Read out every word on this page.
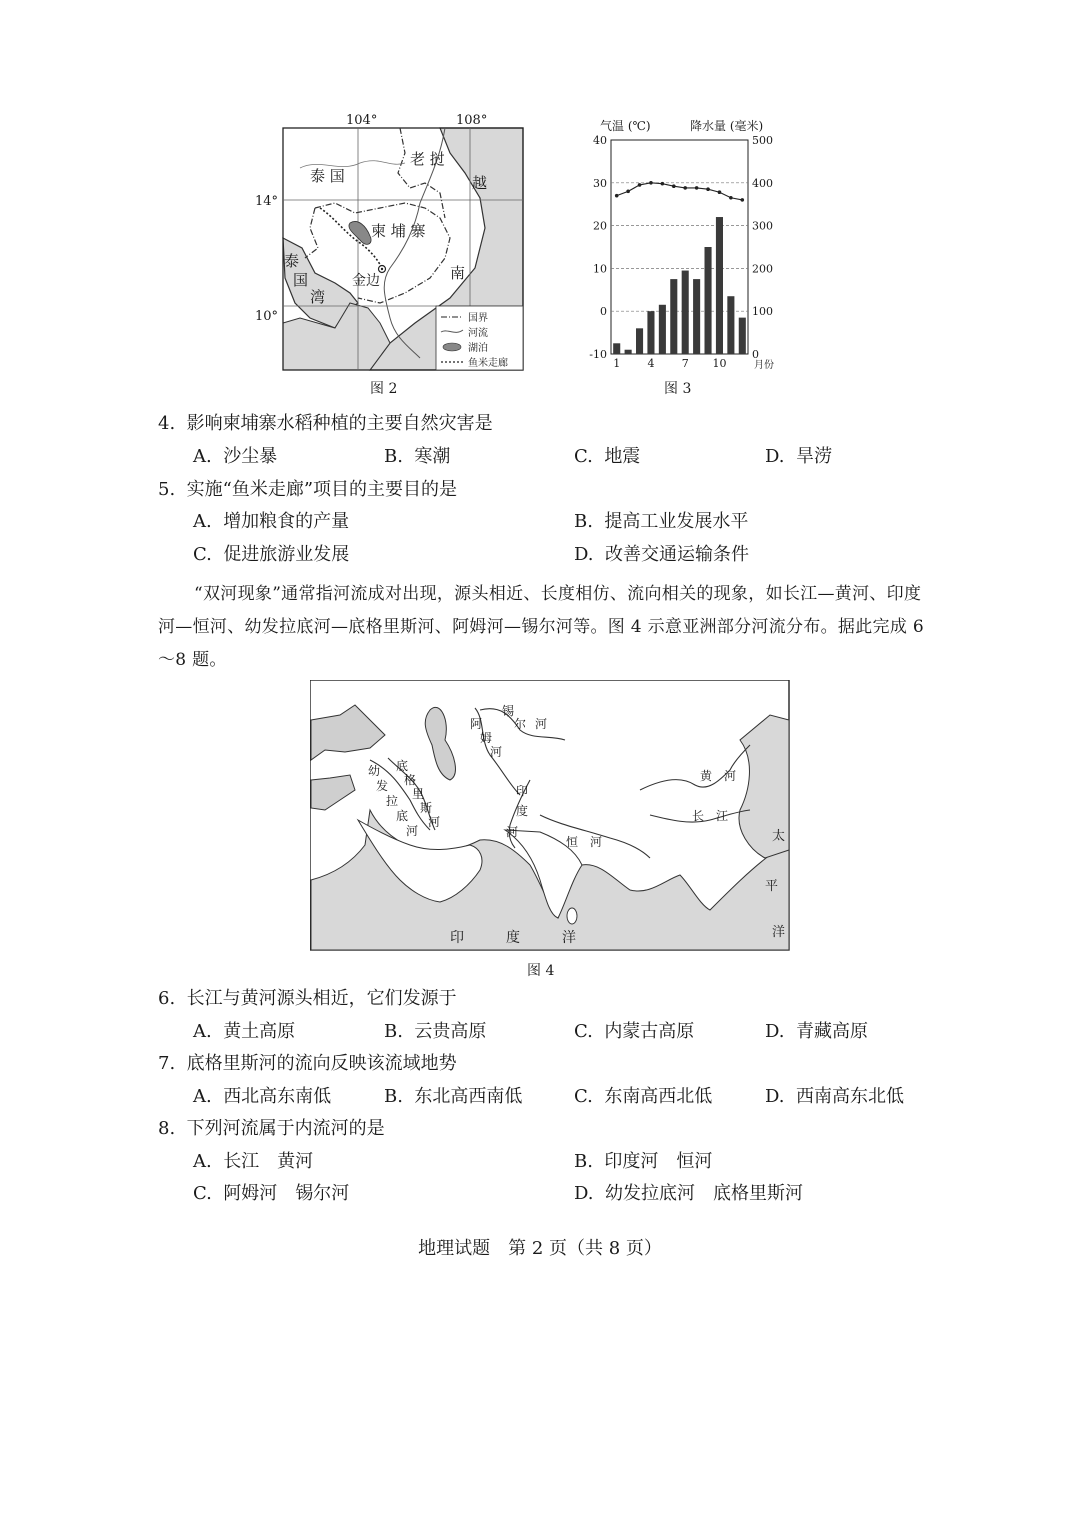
国界
河流
湖泊
鱼米走廊
104°	108°
14°
10°
泰 国
老 挝
越
南
柬 埔 寨
泰
国
湾
金边
图 2
气温 (℃)	降水量 (毫米)
-10
0
10
20
30
40
0
100
200
300
400
500
1 4 7 10	月份
图 3
4. 影响柬埔寨水稻种植的主要自然灾害是
A. 沙尘暴	B. 寒潮	C. 地震	D. 旱涝
5. 实施“鱼米走廊”项目的主要目的是
A. 增加粮食的产量	B. 提高工业发展水平
C. 促进旅游业发展	D. 改善交通运输条件
“双河现象”通常指河流成对出现，源头相近、长度相仿、流向相关的现象，如长江—黄河、印度河—恒河、幼发拉底河—底格里斯河、阿姆河—锡尔河等。图 4 示意亚洲部分河流分布。据此完成 6～8 题。
阿
姆
河
锡
尔 河
幼
发
拉
底
河
底
格
里
斯
河
印
度
河
恒　河
黄　河
长　江
印　　　度　　　洋
太
平
洋
图 4
6. 长江与黄河源头相近，它们发源于
A. 黄土高原	B. 云贵高原	C. 内蒙古高原	D. 青藏高原
7. 底格里斯河的流向反映该流域地势
A. 西北高东南低	B. 东北高西南低	C. 东南高西北低	D. 西南高东北低
8. 下列河流属于内流河的是
A. 长江　黄河	B. 印度河　恒河
C. 阿姆河　锡尔河	D. 幼发拉底河　底格里斯河
地理试题　第 2 页（共 8 页）
